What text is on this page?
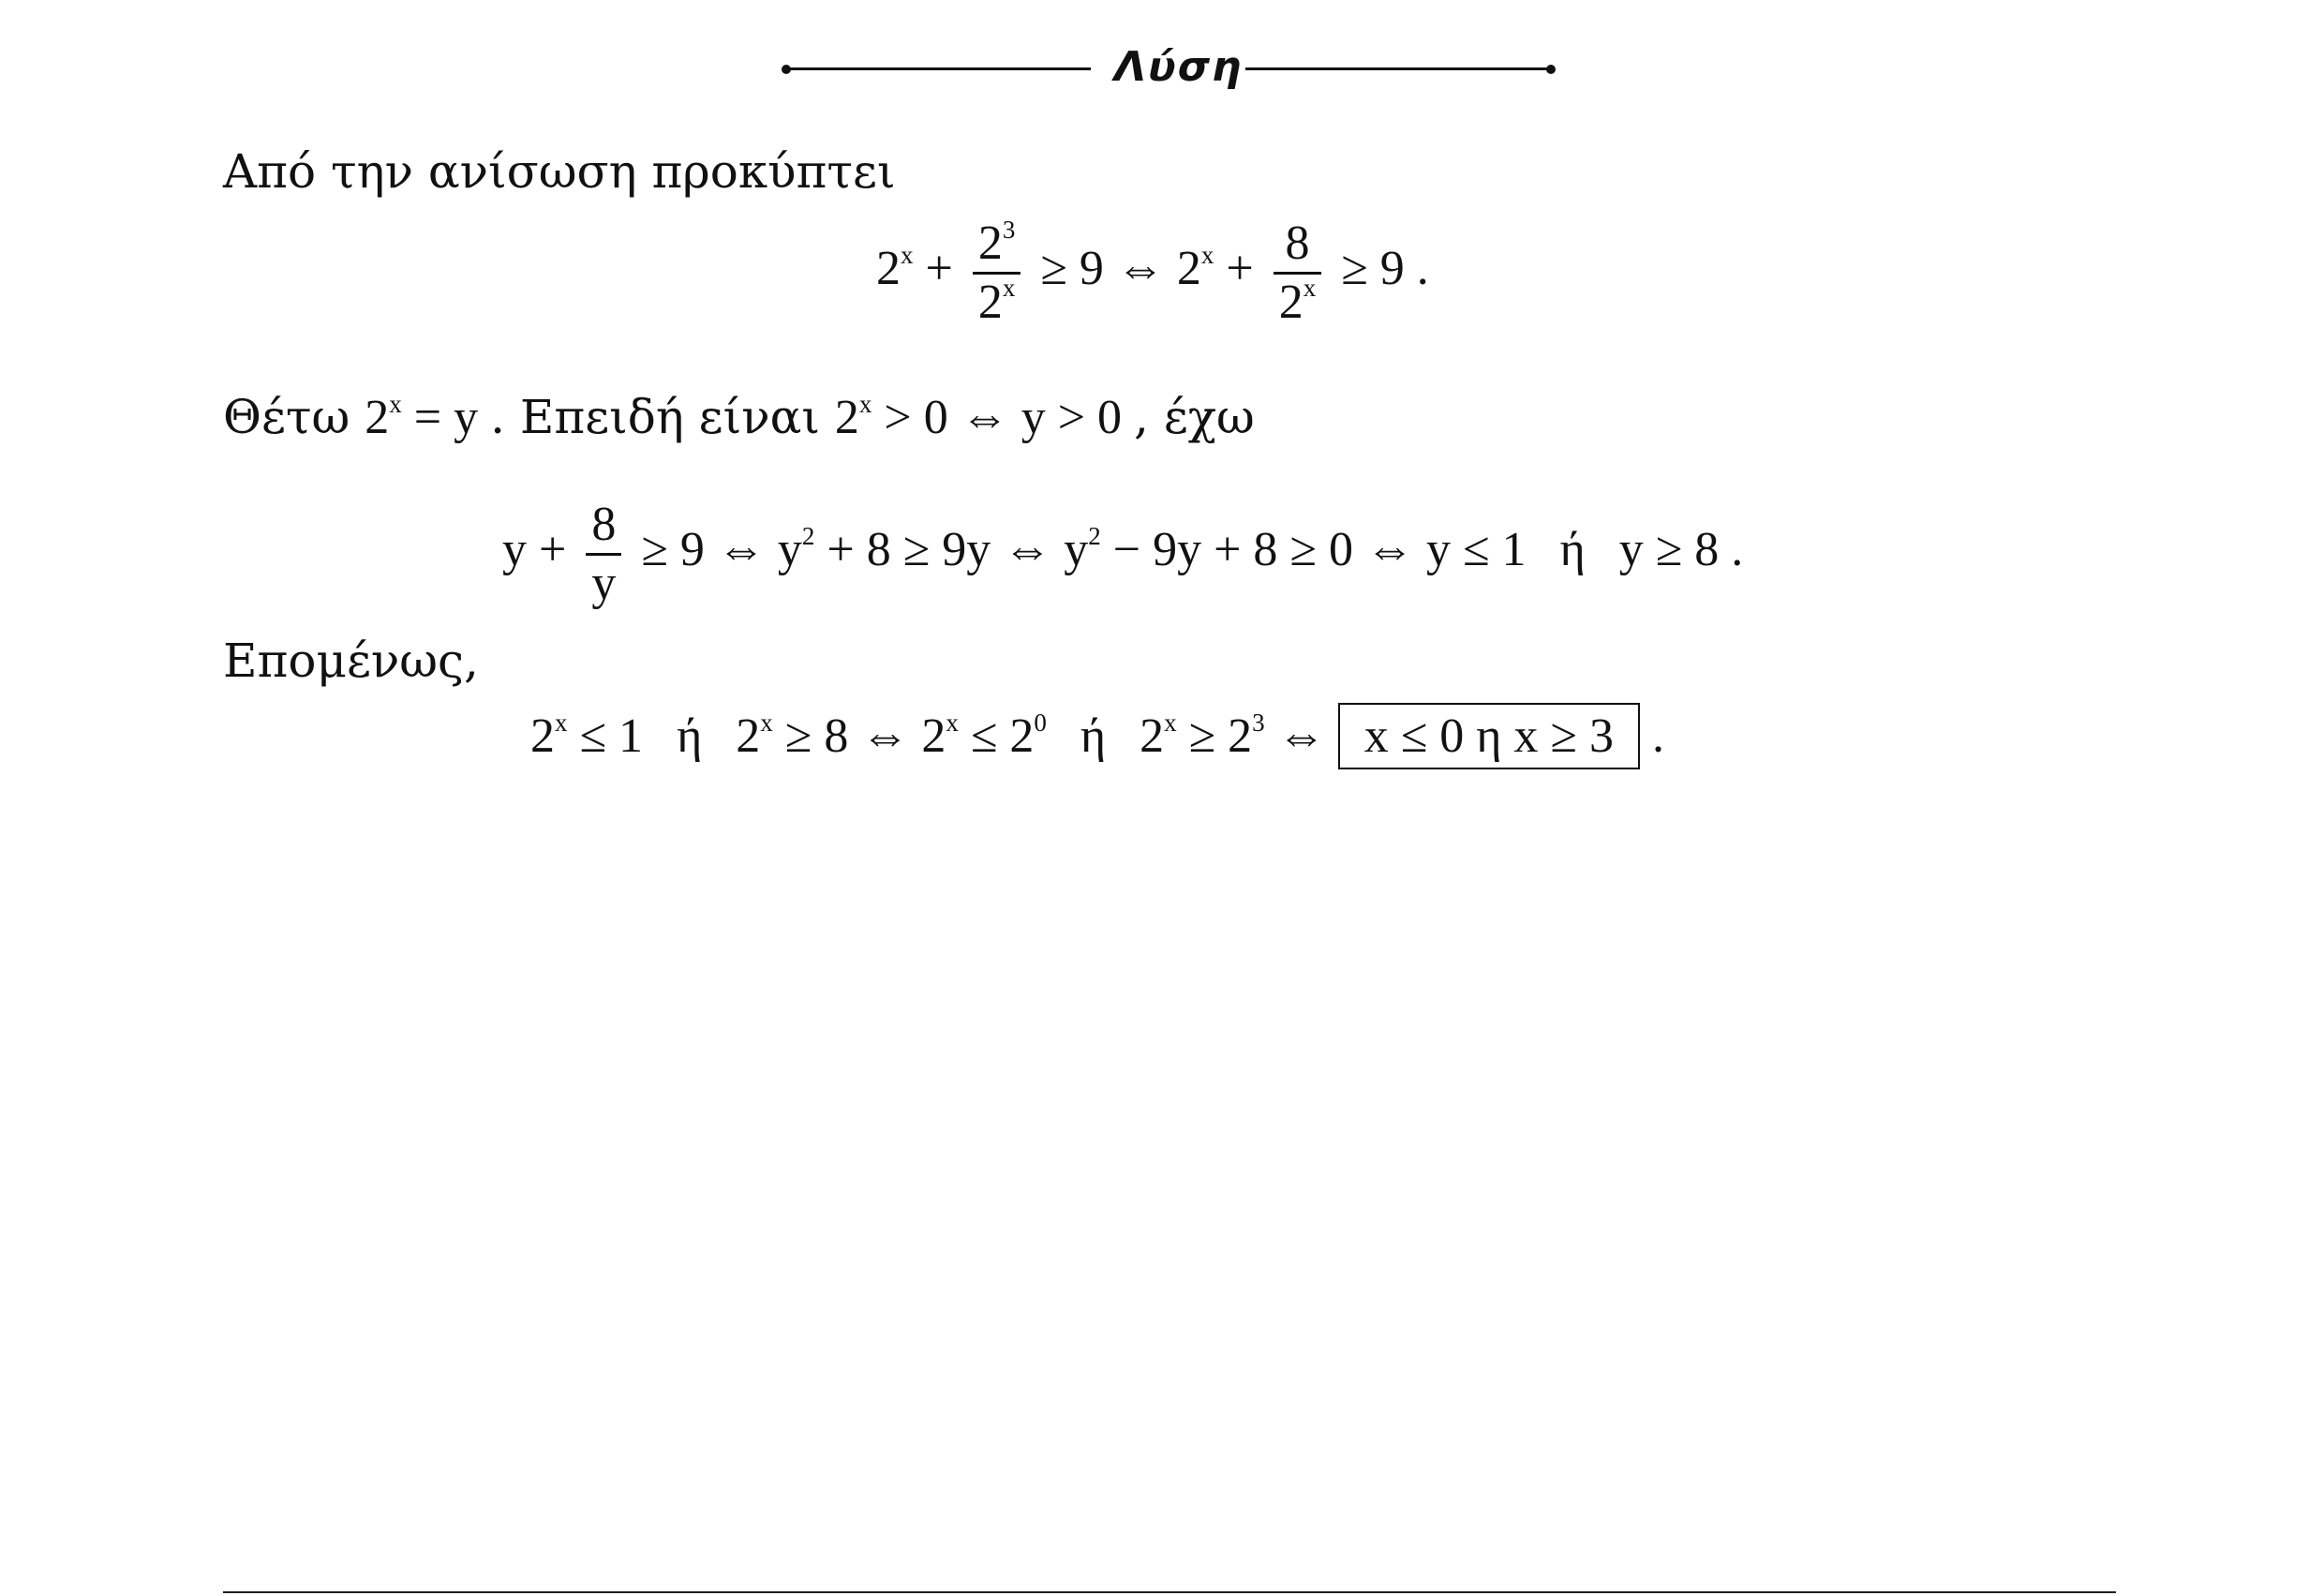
Λύση
Από την ανίσωση προκύπτει
$2^x + \frac{2^3}{2^x} \ge 9$ ⇔ $2^x + \frac{8}{2^x} \ge 9$ .
Θέτω $2^x = y$ . Επειδή είναι $2^x > 0$ ⇔ y > 0 , έχω
$y + \frac{8}{y} \ge 9$ ⇔ $y^2 + 8 \ge 9y$ ⇔ $y^2 - 9y + 8 \ge 0$ ⇔ y ≤ 1 ή y ≥ 8 .
Επομένως,
$2^x \le 1$ ή $2^x \ge 8$ ⇔ $2^x \le 2^0$ ή $2^x \ge 2^3$ ⇔ x ≤ 0 η x ≥ 3 .
